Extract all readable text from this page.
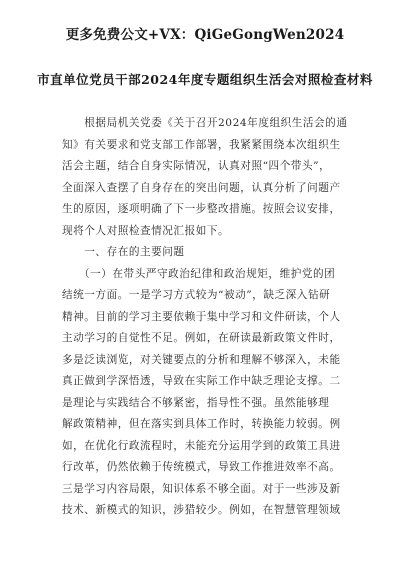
更多免费公文+VX：QiGeGongWen2024
市直单位党员干部2024年度专题组织生活会对照检查材料
　　根据局机关党委《关于召开2024年度组织生活会的通
知》有关要求和党支部工作部署，我紧紧围绕本次组织生
活会主题，结合自身实际情况，认真对照“四个带头”，
全面深入查摆了自身存在的突出问题，认真分析了问题产
生的原因，逐项明确了下一步整改措施。按照会议安排，
现将个人对照检查情况汇报如下。
　　一、存在的主要问题
　　（一）在带头严守政治纪律和政治规矩，维护党的团
结统一方面。一是学习方式较为“被动”，缺乏深入钻研
精神。目前的学习主要依赖于集中学习和文件研读，个人
主动学习的自觉性不足。例如，在研读最新政策文件时，
多是泛读浏览，对关键要点的分析和理解不够深入，未能
真正做到学深悟透，导致在实际工作中缺乏理论支撑。二
是理论与实践结合不够紧密，指导性不强。虽然能够理
解政策精神，但在落实到具体工作时，转换能力较弱。例
如，在优化行政流程时，未能充分运用学到的政策工具进
行改革，仍然依赖于传统模式，导致工作推进效率不高。
三是学习内容局限，知识体系不够全面。对于一些涉及新
技术、新模式的知识，涉猎较少。例如，在智慧管理领域
